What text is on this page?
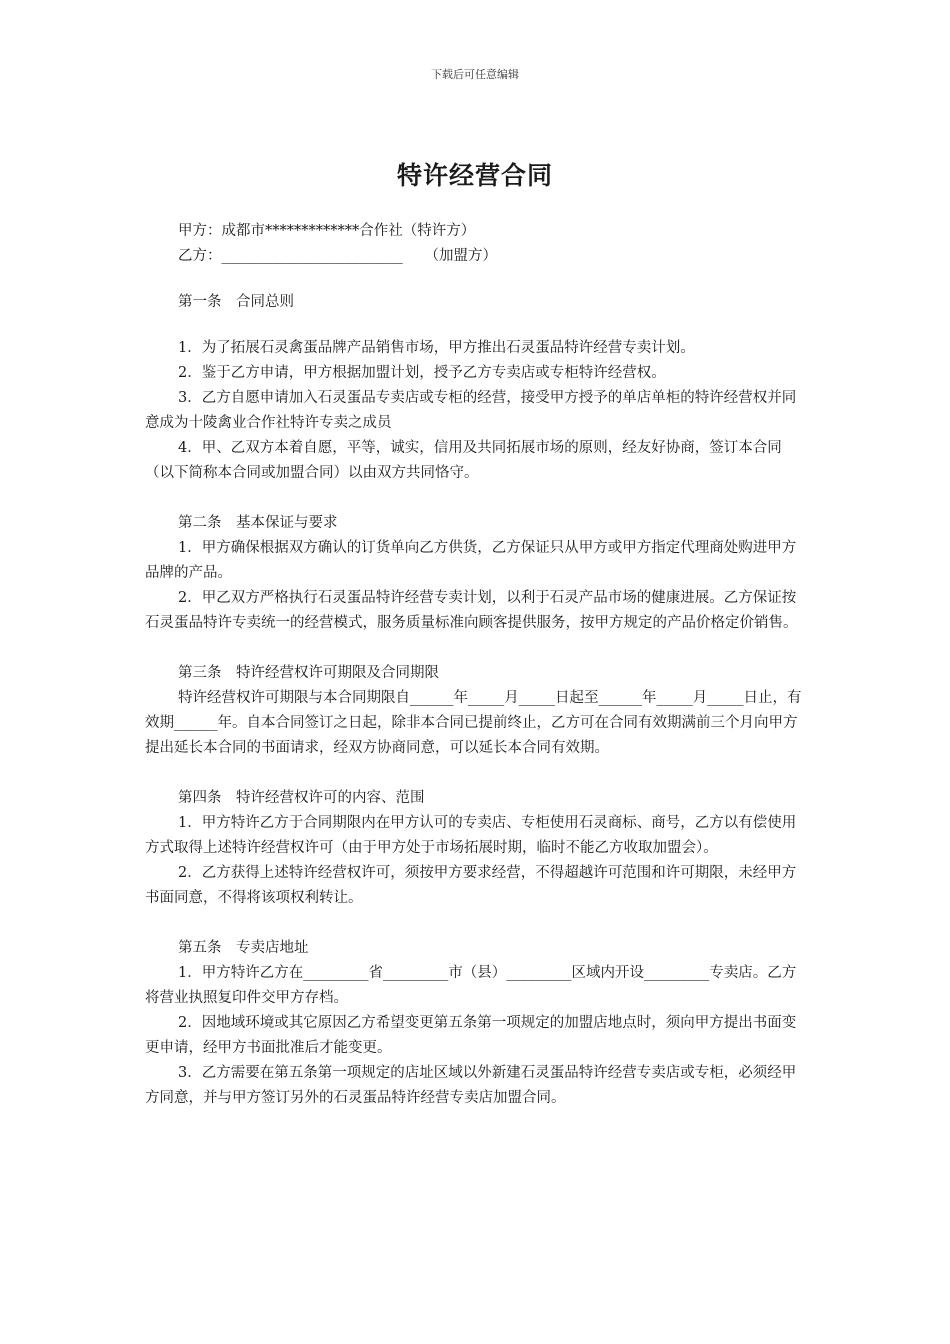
下载后可任意编辑
特许经营合同

甲方：成都市*************合作社（特许方）

乙方：_________________________　　（加盟方）

第一条　合同总则

1．为了拓展石灵禽蛋品牌产品销售市场，甲方推出石灵蛋品特许经营专卖计划。

2．鉴于乙方申请，甲方根据加盟计划，授予乙方专卖店或专柜特许经营权。

3．乙方自愿申请加入石灵蛋品专卖店或专柜的经营，接受甲方授予的单店单柜的特许经营权并同意成为十陵禽业合作社特许专卖之成员

4．甲、乙双方本着自愿，平等，诚实，信用及共同拓展市场的原则，经友好协商，签订本合同（以下简称本合同或加盟合同）以由双方共同恪守。

第二条　基本保证与要求

1．甲方确保根据双方确认的订货单向乙方供货，乙方保证只从甲方或甲方指定代理商处购进甲方品牌的产品。

2．甲乙双方严格执行石灵蛋品特许经营专卖计划，以利于石灵产品市场的健康进展。乙方保证按石灵蛋品特许专卖统一的经营模式，服务质量标准向顾客提供服务，按甲方规定的产品价格定价销售。

第三条　特许经营权许可期限及合同期限

特许经营权许可期限与本合同期限自______年_____月_____日起至______年_____月_____日止，有效期______年。自本合同签订之日起，除非本合同已提前终止，乙方可在合同有效期满前三个月向甲方提出延长本合同的书面请求，经双方协商同意，可以延长本合同有效期。

第四条　特许经营权许可的内容、范围

1．甲方特许乙方于合同期限内在甲方认可的专卖店、专柜使用石灵商标、商号，乙方以有偿使用方式取得上述特许经营权许可（由于甲方处于市场拓展时期，临时不能乙方收取加盟会）。

2．乙方获得上述特许经营权许可，须按甲方要求经营，不得超越许可范围和许可期限，未经甲方书面同意，不得将该项权利转让。

第五条　专卖店地址

1．甲方特许乙方在_________省_________市（县）_________区域内开设_________专卖店。乙方将营业执照复印件交甲方存档。

2．因地域环境或其它原因乙方希望变更第五条第一项规定的加盟店地点时，须向甲方提出书面变更申请，经甲方书面批准后才能变更。

3．乙方需要在第五条第一项规定的店址区域以外新建石灵蛋品特许经营专卖店或专柜，必须经甲方同意，并与甲方签订另外的石灵蛋品特许经营专卖店加盟合同。
